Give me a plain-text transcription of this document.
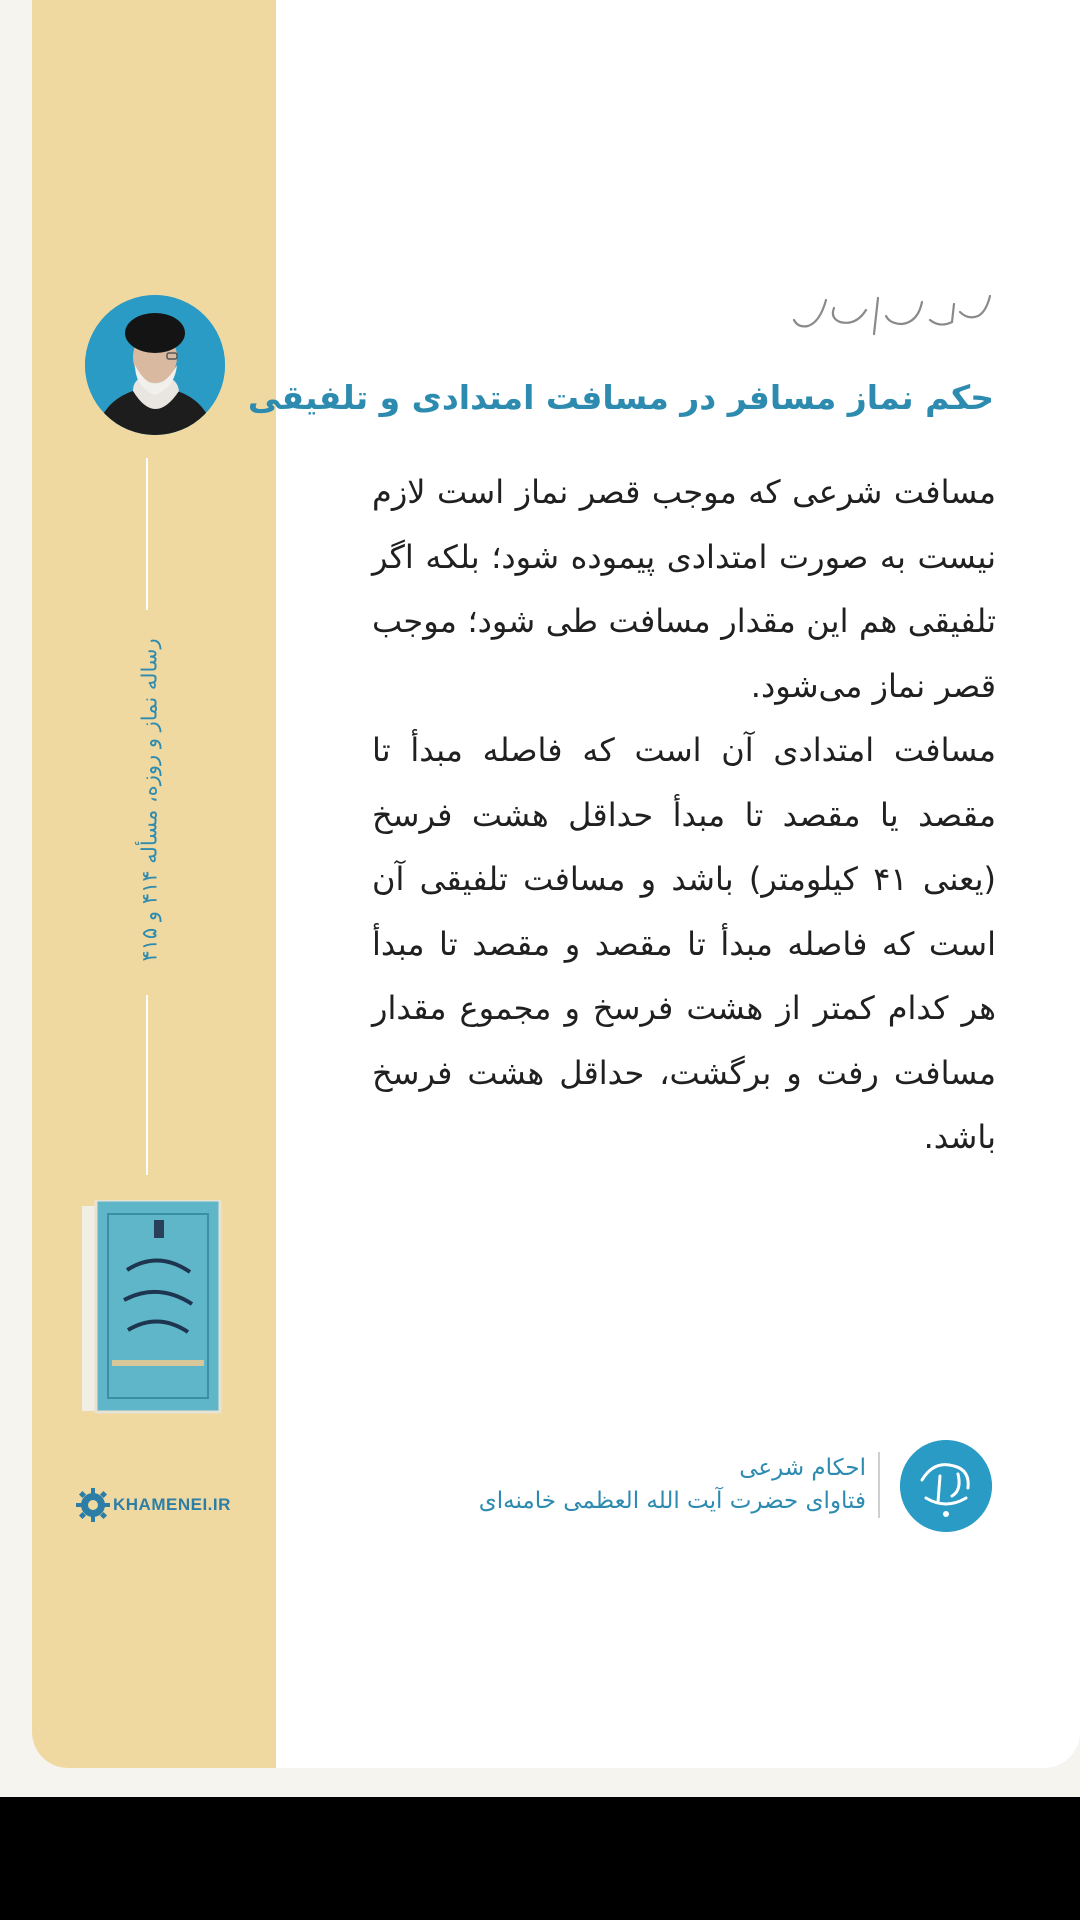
رساله نماز و روزه، مسأله ۴۱۴ و ۴۱۵
KHAMENEI.IR
حکم نماز مسافر در مسافت امتدادی و تلفیقی

مسافت شرعی که موجب قصر نماز است لازم نیست به صورت امتدادی پیموده شود؛ بلکه اگر تلفیقی هم این مقدار مسافت طی شود؛ موجب قصر نماز می‌شود.

مسافت امتدادی آن است که فاصله مبدأ تا مقصد یا مقصد تا مبدأ حداقل هشت فرسخ (یعنی ۴۱ کیلومتر) باشد و مسافت تلفیقی آن است که فاصله مبدأ تا مقصد و مقصد تا مبدأ هر کدام کمتر از هشت فرسخ و مجموع مقدار مسافت رفت و برگشت، حداقل هشت فرسخ باشد.

احکام شرعی
فتاوای حضرت آیت الله العظمی خامنه‌ای
